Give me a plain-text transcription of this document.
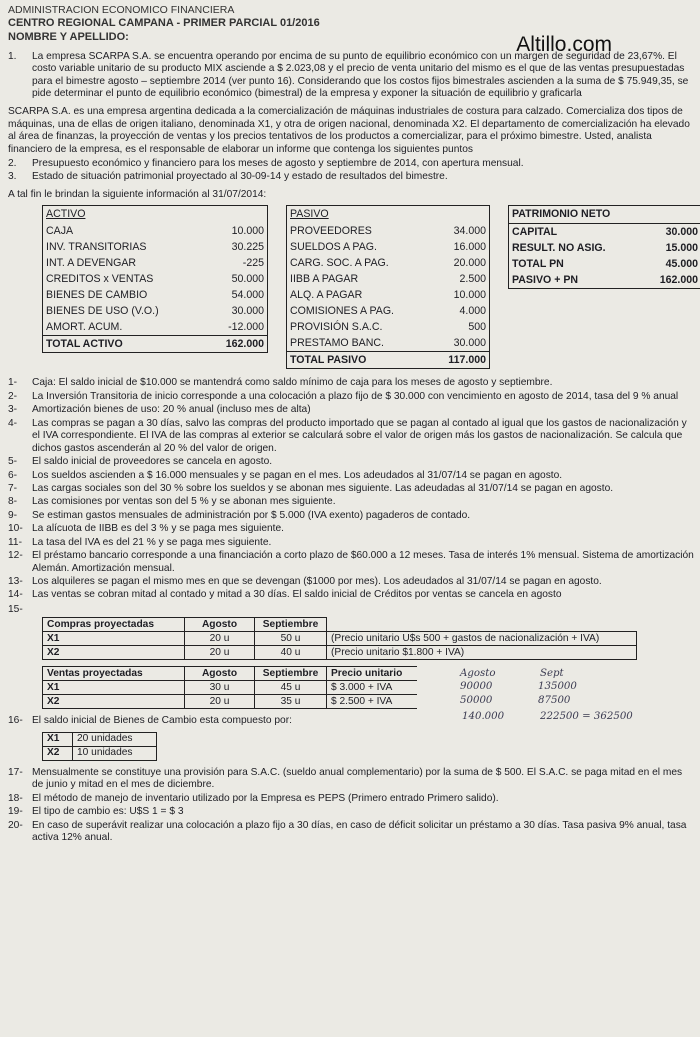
ADMINISTRACION ECONOMICO FINANCIERA
CENTRO REGIONAL CAMPANA - PRIMER PARCIAL 01/2016
NOMBRE Y APELLIDO:	Altillo.com
1.	La empresa SCARPA S.A. se encuentra operando por encima de su punto de equilibrio económico con un margen de seguridad de 23,67%. El costo variable unitario de su producto MIX asciende a $ 2.023,08 y el precio de venta unitario del mismo es el que de las ventas presupuestadas para el bimestre agosto – septiembre 2014 (ver punto 16). Considerando que los costos fijos bimestrales ascienden a la suma de $ 75.949,35, se pide determinar el punto de equilibrio económico (bimestral) de la empresa y exponer la situación de equilibrio y graficarla
SCARPA S.A. es una empresa argentina dedicada a la comercialización de máquinas industriales de costura para calzado. Comercializa dos tipos de máquinas, una de ellas de origen italiano, denominada X1, y otra de origen nacional, denominada X2. El departamento de comercialización ha elevado al área de finanzas, la proyección de ventas y los precios tentativos de los productos a comercializar, para el próximo bimestre. Usted, analista financiero de la empresa, es el responsable de elaborar un informe que contenga los siguientes puntos
2.	Presupuesto económico y financiero para los meses de agosto y septiembre de 2014, con apertura mensual.
3.	Estado de situación patrimonial proyectado al 30-09-14 y estado de resultados del bimestre.
A tal fin le brindan la siguiente información al 31/07/2014:
ACTIVO
CAJA	10.000
INV. TRANSITORIAS	30.225
INT. A DEVENGAR	-225
CREDITOS x VENTAS	50.000
BIENES DE CAMBIO	54.000
BIENES DE USO (V.O.)	30.000
AMORT. ACUM.	-12.000
TOTAL ACTIVO	162.000
PASIVO
PROVEEDORES	34.000
SUELDOS A PAG.	16.000
CARG. SOC. A PAG.	20.000
IIBB A PAGAR	2.500
ALQ. A PAGAR	10.000
COMISIONES A PAG.	4.000
PROVISIÓN S.A.C.	500
PRESTAMO BANC.	30.000
TOTAL PASIVO	117.000
PATRIMONIO NETO
CAPITAL	30.000
RESULT. NO ASIG.	15.000
TOTAL PN	45.000
PASIVO + PN	162.000
1-	Caja: El saldo inicial de $10.000 se mantendrá como saldo mínimo de caja para los meses de agosto y septiembre.
2-	La Inversión Transitoria de inicio corresponde a una colocación a plazo fijo de $ 30.000 con vencimiento en agosto de 2014, tasa del 9 % anual
3-	Amortización bienes de uso: 20 % anual (incluso mes de alta)
4-	Las compras se pagan a 30 días, salvo las compras del producto importado que se pagan al contado al igual que los gastos de nacionalización y el IVA correspondiente. El IVA de las compras al exterior se calculará sobre el valor de origen más los gastos de nacionalización. Se calcula que dichos gastos ascenderán al 20 % del valor de origen.
5-	El saldo inicial de proveedores se cancela en agosto.
6-	Los sueldos ascienden a $ 16.000 mensuales y se pagan en el mes. Los adeudados al 31/07/14 se pagan en agosto.
7-	Las cargas sociales son del 30 % sobre los sueldos y se abonan mes siguiente. Las adeudadas al 31/07/14 se pagan en agosto.
8-	Las comisiones por ventas son del 5 % y se abonan mes siguiente.
9-	Se estiman gastos mensuales de administración por $ 5.000 (IVA exento) pagaderos de contado.
10- La alícuota de IIBB es del 3 % y se paga mes siguiente.
11- La tasa del IVA es del 21 % y se paga mes siguiente.
12- El préstamo bancario corresponde a una financiación a corto plazo de $60.000 a 12 meses. Tasa de interés 1% mensual. Sistema de amortización Alemán. Amortización mensual.
13- Los alquileres se pagan el mismo mes en que se devengan ($1000 por mes). Los adeudados al 31/07/14 se pagan en agosto.
14- Las ventas se cobran mitad al contado y mitad a 30 días. El saldo inicial de Créditos por ventas se cancela en agosto
15-
Compras proyectadas	Agosto	Septiembre	
X1	20 u	50 u	(Precio unitario U$s 500 + gastos de nacionalización + IVA)
X2	20 u	40 u	(Precio unitario $1.800 + IVA)
Ventas proyectadas	Agosto	Septiembre	Precio unitario
X1	30 u	45 u	$ 3.000 + IVA
X2	20 u	35 u	$ 2.500 + IVA
Agosto	Sept
90000	135000
50000	87500
140.000	222500 = 362500
16- El saldo inicial de Bienes de Cambio esta compuesto por:
X1	20 unidades
X2	10 unidades
17- Mensualmente se constituye una provisión para S.A.C. (sueldo anual complementario) por la suma de $ 500. El S.A.C. se paga mitad en el mes de junio y mitad en el mes de diciembre.
18- El método de manejo de inventario utilizado por la Empresa es PEPS (Primero entrado Primero salido).
19- El tipo de cambio es: U$S 1 = $ 3
20- En caso de superávit realizar una colocación a plazo fijo a 30 días, en caso de déficit solicitar un préstamo a 30 días. Tasa pasiva 9% anual, tasa activa 12% anual.
